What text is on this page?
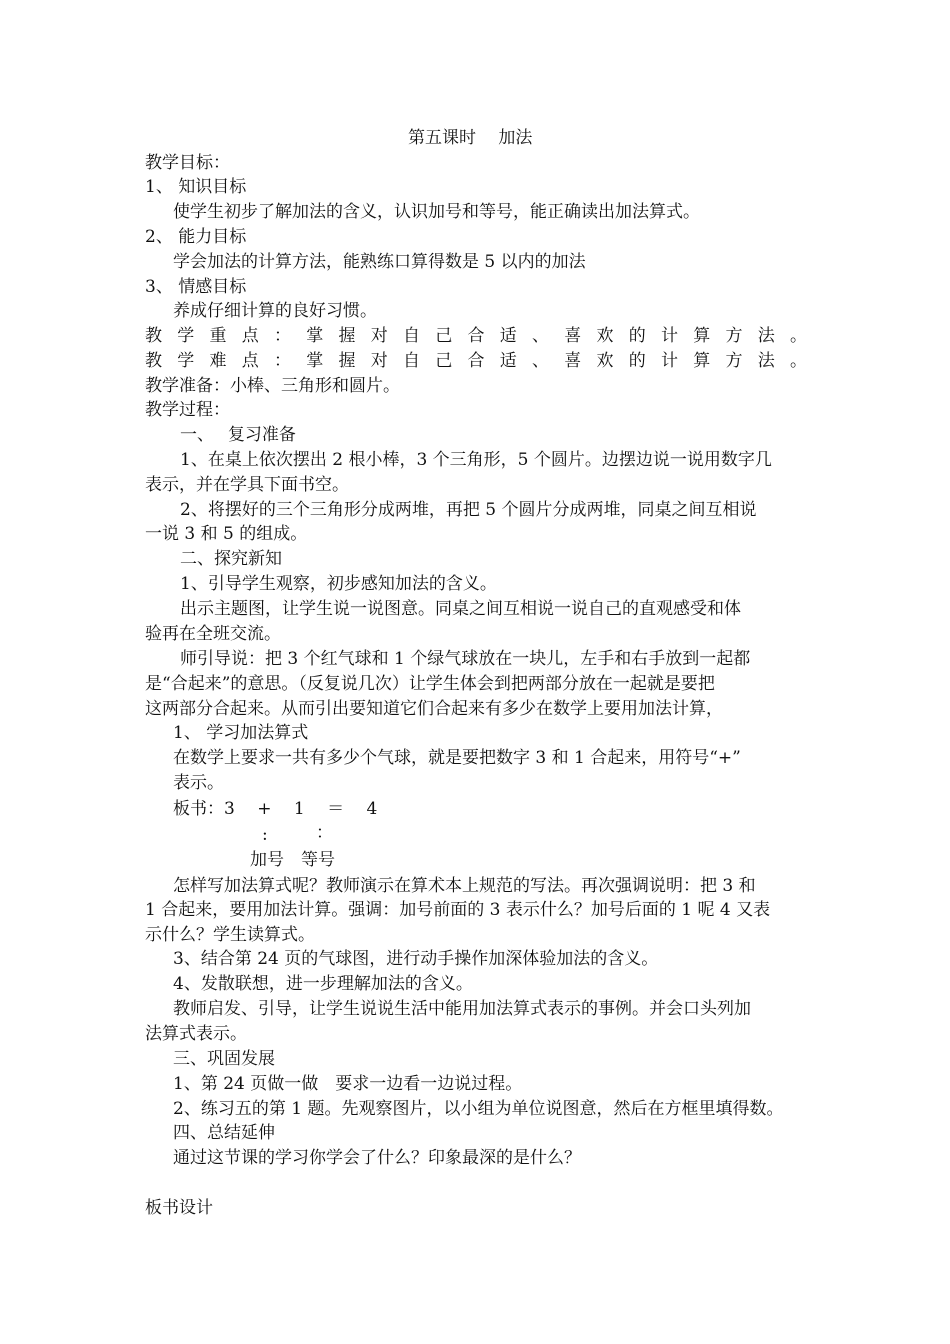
第五课时　 加法
教学目标：
1、 知识目标
使学生初步了解加法的含义，认识加号和等号，能正确读出加法算式。
2、 能力目标
学会加法的计算方法，能熟练口算得数是 5 以内的加法
3、 情感目标
养成仔细计算的良好习惯。
教 学 重 点 ： 掌 握 对 自 己 合 适 、 喜 欢 的 计 算 方 法 。
教 学 难 点 ： 掌 握 对 自 己 合 适 、 喜 欢 的 计 算 方 法 。
教学准备：小棒、三角形和圆片。
教学过程：
一、　 复习准备
1、在桌上依次摆出 2 根小棒，3 个三角形，5 个圆片。边摆边说一说用数字几
表示，并在学具下面书空。
2、将摆好的三个三角形分成两堆，再把 5 个圆片分成两堆，同桌之间互相说
一说 3 和 5 的组成。
二、探究新知
1、引导学生观察，初步感知加法的含义。
出示主题图，让学生说一说图意。同桌之间互相说一说自己的直观感受和体
验再在全班交流。
师引导说：把 3 个红气球和 1 个绿气球放在一块儿，左手和右手放到一起都
是“合起来”的意思。（反复说几次）让学生体会到把两部分放在一起就是要把
这两部分合起来。从而引出要知道它们合起来有多少在数学上要用加法计算，
1、 学习加法算式
在数学上要求一共有多少个气球，就是要把数字 3 和 1 合起来，用符号“+”
表示。
板书：3　 +　 1　 ＝　 4
:	：
加号　等号
怎样写加法算式呢？教师演示在算术本上规范的写法。再次强调说明：把 3 和
1 合起来，要用加法计算。强调：加号前面的 3 表示什么？加号后面的 1 呢 4 又表
示什么？学生读算式。
3、结合第 24 页的气球图，进行动手操作加深体验加法的含义。
4、发散联想，进一步理解加法的含义。
教师启发、引导，让学生说说生活中能用加法算式表示的事例。并会口头列加
法算式表示。
三、巩固发展
1、第 24 页做一做　要求一边看一边说过程。
2、练习五的第 1 题。先观察图片，以小组为单位说图意，然后在方框里填得数。
四、总结延伸
通过这节课的学习你学会了什么？印象最深的是什么？
板书设计
